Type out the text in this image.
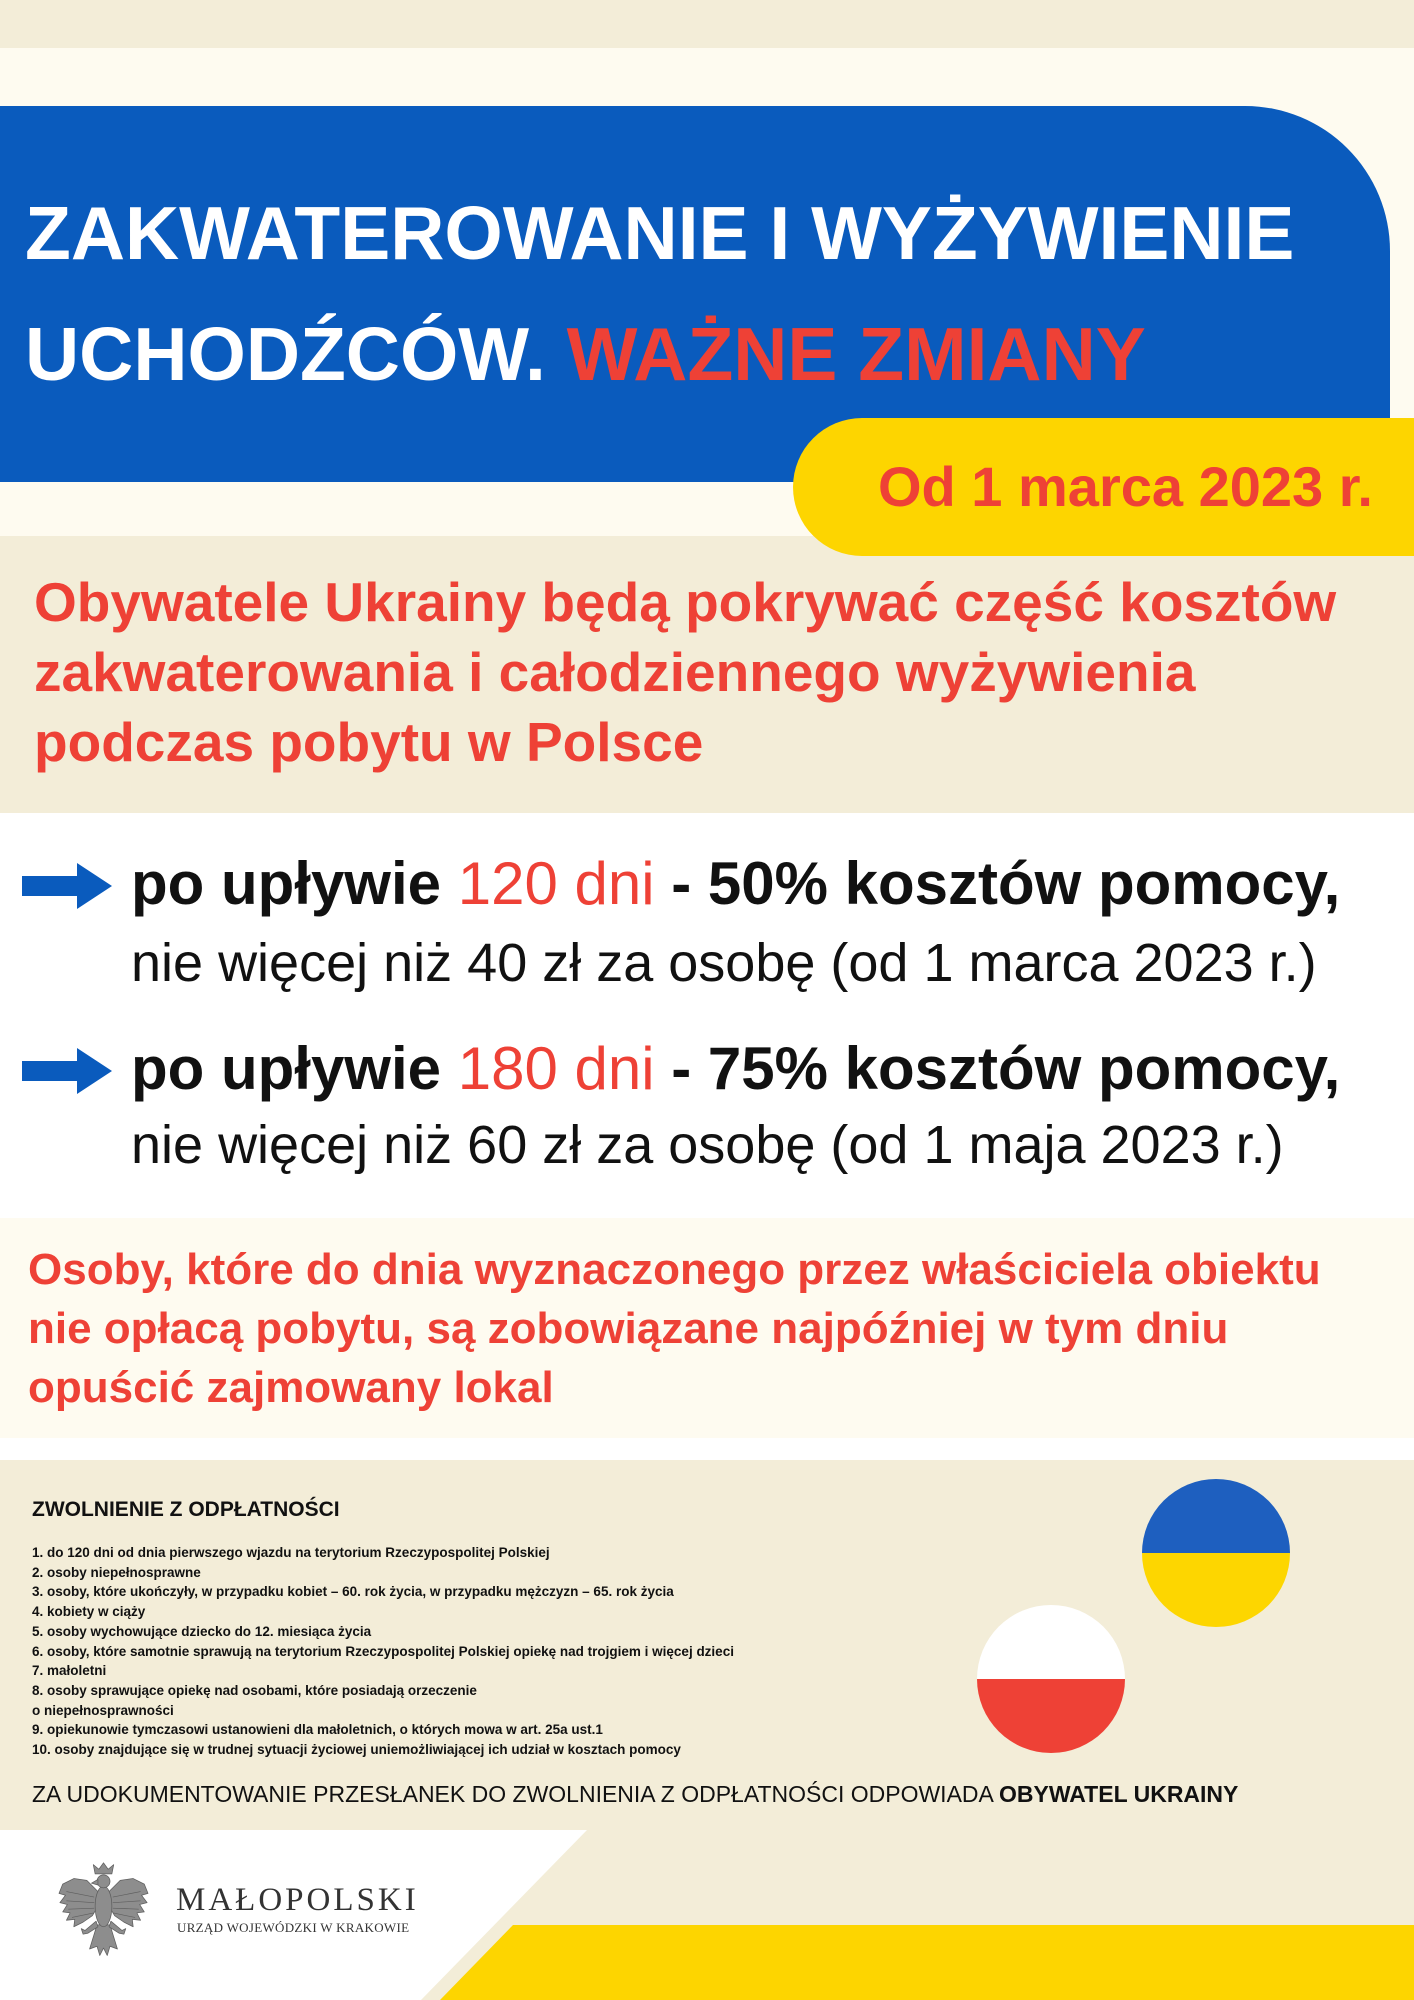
ZAKWATEROWANIE I WYŻYWIENIE
UCHODŹCÓW. WAŻNE ZMIANY
Od 1 marca 2023 r.
Obywatele Ukrainy będą pokrywać część kosztów
zakwaterowania i całodziennego wyżywienia
podczas pobytu w Polsce
po upływie 120 dni - 50% kosztów pomocy,
nie więcej niż 40 zł za osobę (od 1 marca 2023 r.)
po upływie 180 dni - 75% kosztów pomocy,
nie więcej niż 60 zł za osobę (od 1 maja 2023 r.)
Osoby, które do dnia wyznaczonego przez właściciela obiektu
nie opłacą pobytu, są zobowiązane najpóźniej w tym dniu
opuścić zajmowany lokal
ZWOLNIENIE Z ODPŁATNOŚCI
1. do 120 dni od dnia pierwszego wjazdu na terytorium Rzeczypospolitej Polskiej
2. osoby niepełnosprawne
3. osoby, które ukończyły, w przypadku kobiet – 60. rok życia, w przypadku mężczyzn – 65. rok życia
4. kobiety w ciąży
5. osoby wychowujące dziecko do 12. miesiąca życia
6. osoby, które samotnie sprawują na terytorium Rzeczypospolitej Polskiej opiekę nad trojgiem i więcej dzieci
7. małoletni
8. osoby sprawujące opiekę nad osobami, które posiadają orzeczenie
o niepełnosprawności
9. opiekunowie tymczasowi ustanowieni dla małoletnich, o których mowa w art. 25a ust.1
10. osoby znajdujące się w trudnej sytuacji życiowej uniemożliwiającej ich udział w kosztach pomocy
ZA UDOKUMENTOWANIE PRZESŁANEK DO ZWOLNIENIA Z ODPŁATNOŚCI ODPOWIADA OBYWATEL UKRAINY
MAŁOPOLSKI
URZĄD WOJEWÓDZKI W KRAKOWIE
